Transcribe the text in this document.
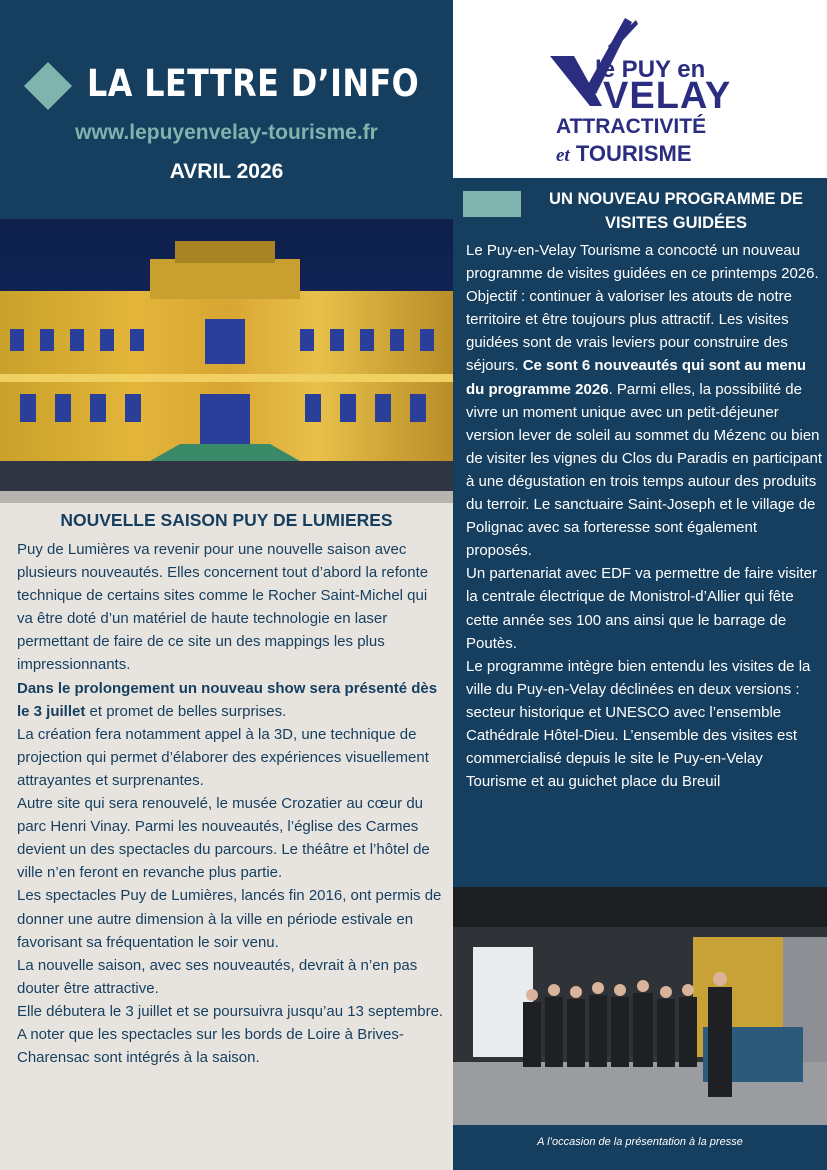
LA LETTRE D’INFO
www.lepuyenvelay-tourisme.fr
AVRIL 2026
le PUY en
VELAY
ATTRACTIVITÉ
et TOURISME
NOUVELLE SAISON PUY DE LUMIERES

Puy de Lumières va revenir pour une nouvelle saison avec plusieurs nouveautés. Elles concernent tout d’abord la refonte technique de certains sites comme le Rocher Saint-Michel qui va être doté d’un matériel de haute technologie en laser permettant de faire de ce site un des mappings les plus impressionnants.

Dans le prolongement un nouveau show sera présenté dès le 3 juillet et promet de belles surprises.

La création fera notamment appel à la 3D, une technique de projection qui permet d’élaborer des expériences visuellement attrayantes et surprenantes.

Autre site qui sera renouvelé, le musée Crozatier au cœur du parc Henri Vinay. Parmi les nouveautés, l’église des Carmes devient un des spectacles du parcours. Le théâtre et l’hôtel de ville n’en feront en revanche plus partie.

Les spectacles Puy de Lumières, lancés fin 2016, ont permis de donner une autre dimension à la ville en période estivale en favorisant sa fréquentation le soir venu.

La nouvelle saison, avec ses nouveautés, devrait à n’en pas douter être attractive.

Elle débutera le 3 juillet et se poursuivra jusqu’au 13 septembre.

A noter que les spectacles sur les bords de Loire à Brives-Charensac sont intégrés à la saison.

UN NOUVEAU PROGRAMME DE VISITES GUIDÉES

Le Puy-en-Velay Tourisme a concocté un nouveau programme de visites guidées en ce printemps 2026. Objectif : continuer à valoriser les atouts de notre territoire et être toujours plus attractif. Les visites guidées sont de vrais leviers pour construire des séjours. Ce sont 6 nouveautés qui sont au menu du programme 2026. Parmi elles, la possibilité de vivre un moment unique avec un petit-déjeuner version lever de soleil au sommet du Mézenc ou bien de visiter les vignes du Clos du Paradis en participant à une dégustation en trois temps autour des produits du terroir. Le sanctuaire Saint-Joseph et le village de Polignac avec sa forteresse sont également proposés.

Un partenariat avec EDF va permettre de faire visiter la centrale électrique de Monistrol-d’Allier qui fête cette année ses 100 ans ainsi que le barrage de Poutès.

Le programme intègre bien entendu les visites de la ville du Puy-en-Velay déclinées en deux versions : secteur historique et UNESCO avec l’ensemble Cathédrale Hôtel-Dieu. L’ensemble des visites est commercialisé depuis le site le Puy-en-Velay Tourisme et au guichet place du Breuil

A l’occasion de la présentation à la presse
